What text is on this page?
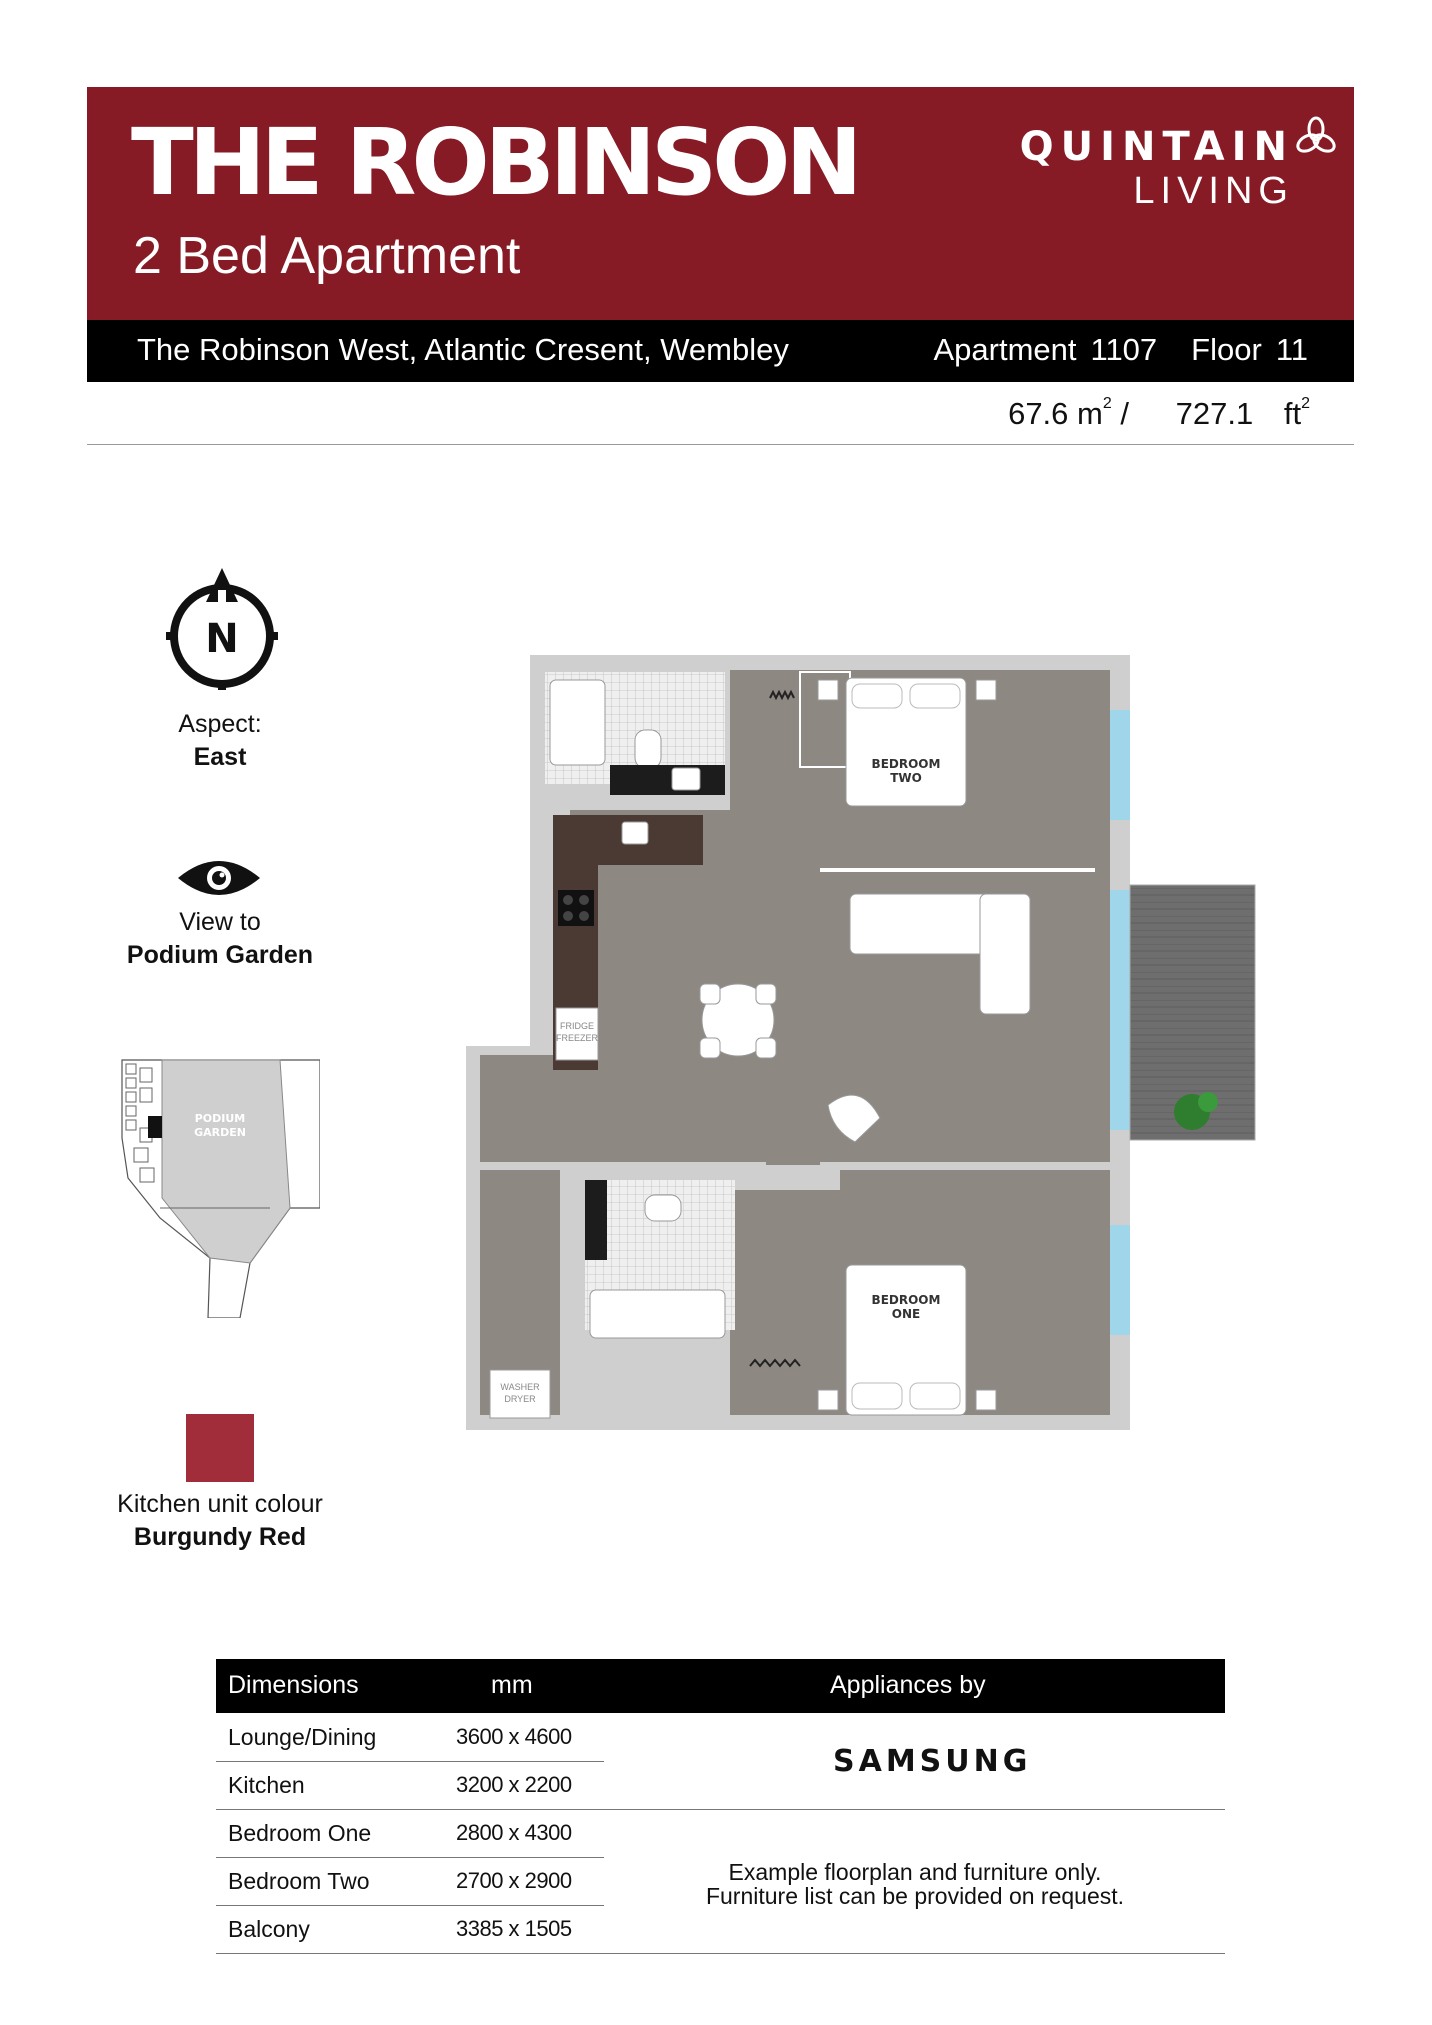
THE ROBINSON
2 Bed Apartment
QUINTAIN
LIVING
The Robinson West, Atlantic Cresent, Wembley	Apartment 1107 Floor 11
67.6 $m^2 / 727.1$ $ft^2$
N
Aspect:
East
View to
Podium Garden
PODIUM
GARDEN
Kitchen unit colour
Burgundy Red
FRIDGE
FREEZER
BEDROOM
TWO
WASHER
DRYER
BEDROOM
ONE
Dimensions	mm	Appliances by
Lounge/Dining	3600 x 4600
Kitchen	3200 x 2200
Bedroom One	2800 x 4300
Bedroom Two	2700 x 2900
Balcony	3385 x 1505
SAMSUNG
Example floorplan and furniture only.
Furniture list can be provided on request.
